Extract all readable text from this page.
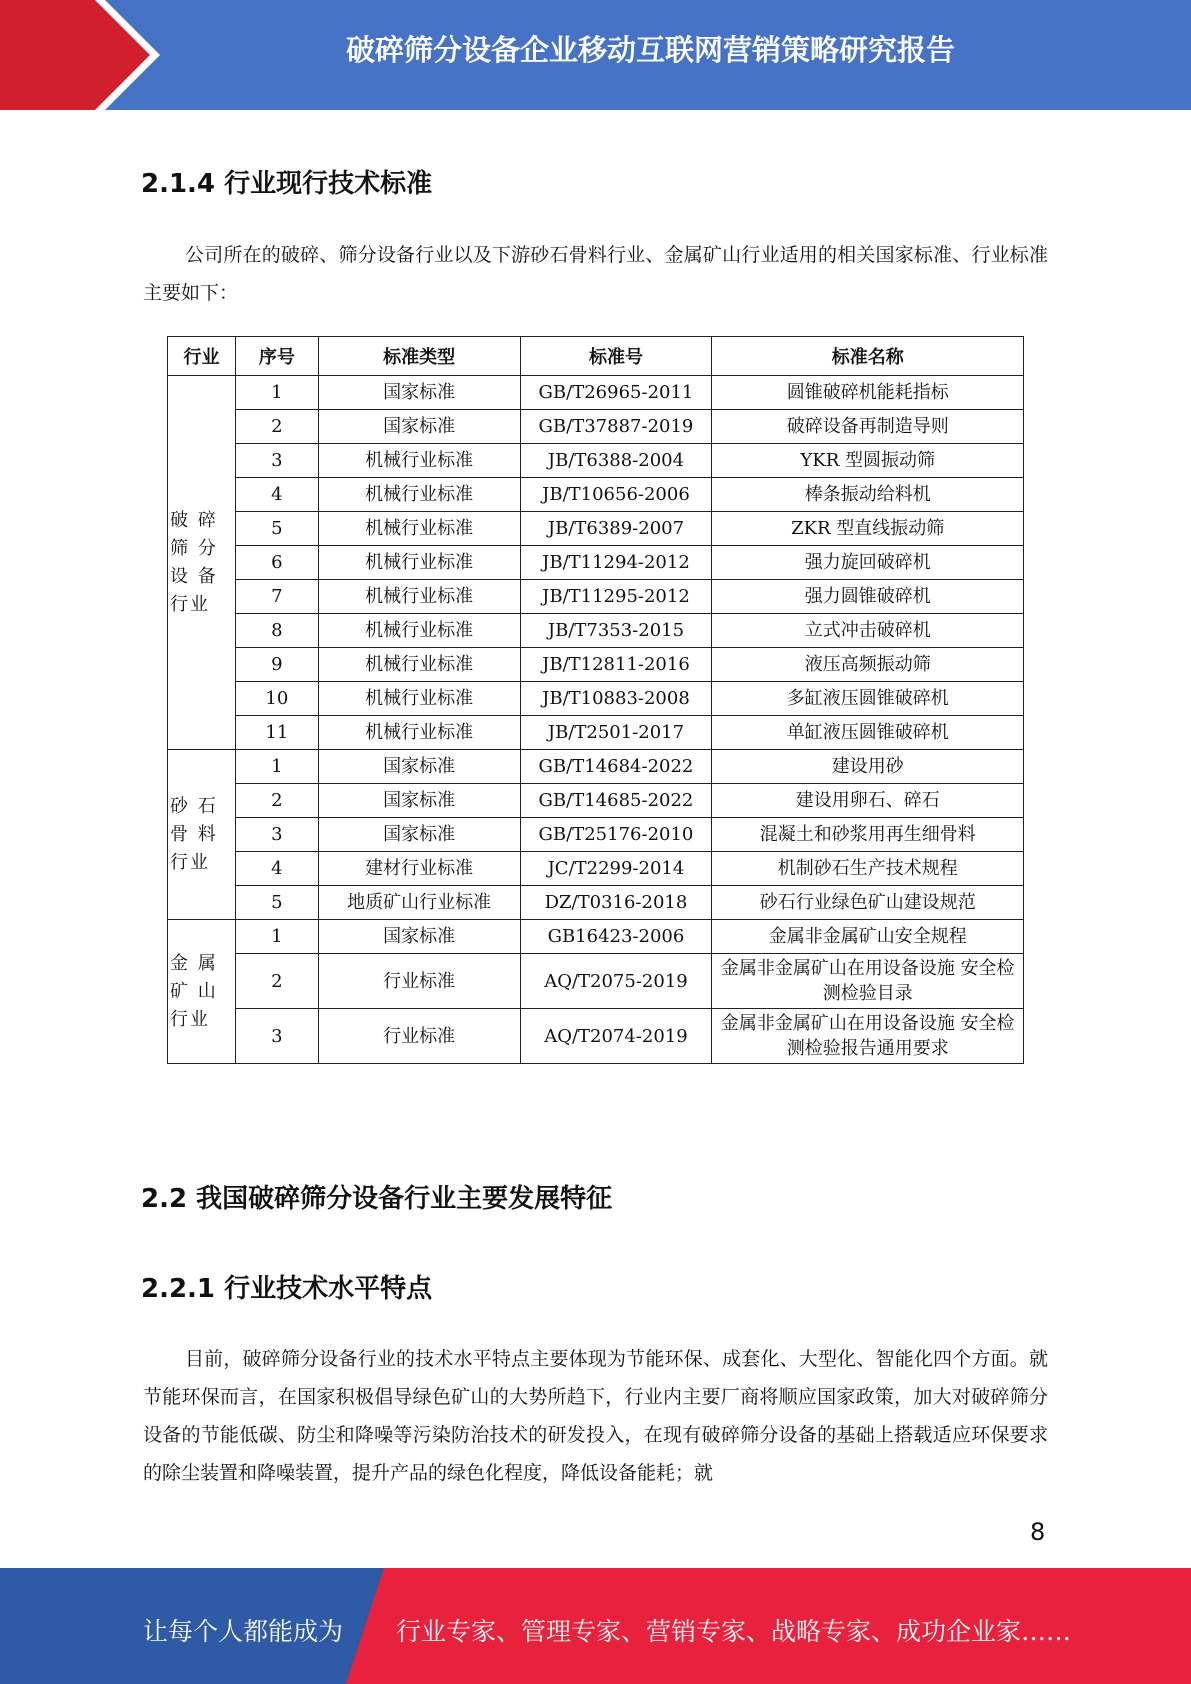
破碎筛分设备企业移动互联网营销策略研究报告
2.1.4 行业现行技术标准

公司所在的破碎、筛分设备行业以及下游砂石骨料行业、金属矿山行业适用的相关国家标准、行业标准主要如下：

行业	序号	标准类型	标准号	标准名称
破 碎 筛 分 设 备 行业	1	国家标准	GB/T26965-2011	圆锥破碎机能耗指标
	2	国家标准	GB/T37887-2019	破碎设备再制造导则
	3	机械行业标准	JB/T6388-2004	YKR 型圆振动筛
	4	机械行业标准	JB/T10656-2006	棒条振动给料机
	5	机械行业标准	JB/T6389-2007	ZKR 型直线振动筛
	6	机械行业标准	JB/T11294-2012	强力旋回破碎机
	7	机械行业标准	JB/T11295-2012	强力圆锥破碎机
	8	机械行业标准	JB/T7353-2015	立式冲击破碎机
	9	机械行业标准	JB/T12811-2016	液压高频振动筛
	10	机械行业标准	JB/T10883-2008	多缸液压圆锥破碎机
	11	机械行业标准	JB/T2501-2017	单缸液压圆锥破碎机
砂 石 骨 料 行业	1	国家标准	GB/T14684-2022	建设用砂
	2	国家标准	GB/T14685-2022	建设用卵石、碎石
	3	国家标准	GB/T25176-2010	混凝土和砂浆用再生细骨料
	4	建材行业标准	JC/T2299-2014	机制砂石生产技术规程
	5	地质矿山行业标准	DZ/T0316-2018	砂石行业绿色矿山建设规范
金 属 矿 山 行业	1	国家标准	GB16423-2006	金属非金属矿山安全规程
	2	行业标准	AQ/T2075-2019	金属非金属矿山在用设备设施 安全检测检验目录
	3	行业标准	AQ/T2074-2019	金属非金属矿山在用设备设施 安全检测检验报告通用要求
2.2 我国破碎筛分设备行业主要发展特征
2.2.1 行业技术水平特点

目前，破碎筛分设备行业的技术水平特点主要体现为节能环保、成套化、大型化、智能化四个方面。就节能环保而言，在国家积极倡导绿色矿山的大势所趋下，行业内主要厂商将顺应国家政策，加大对破碎筛分设备的节能低碳、防尘和降噪等污染防治技术的研发投入，在现有破碎筛分设备的基础上搭载适应环保要求的除尘装置和降噪装置，提升产品的绿色化程度，降低设备能耗；就

8
让每个人都能成为 行业专家、管理专家、营销专家、战略专家、成功企业家……
